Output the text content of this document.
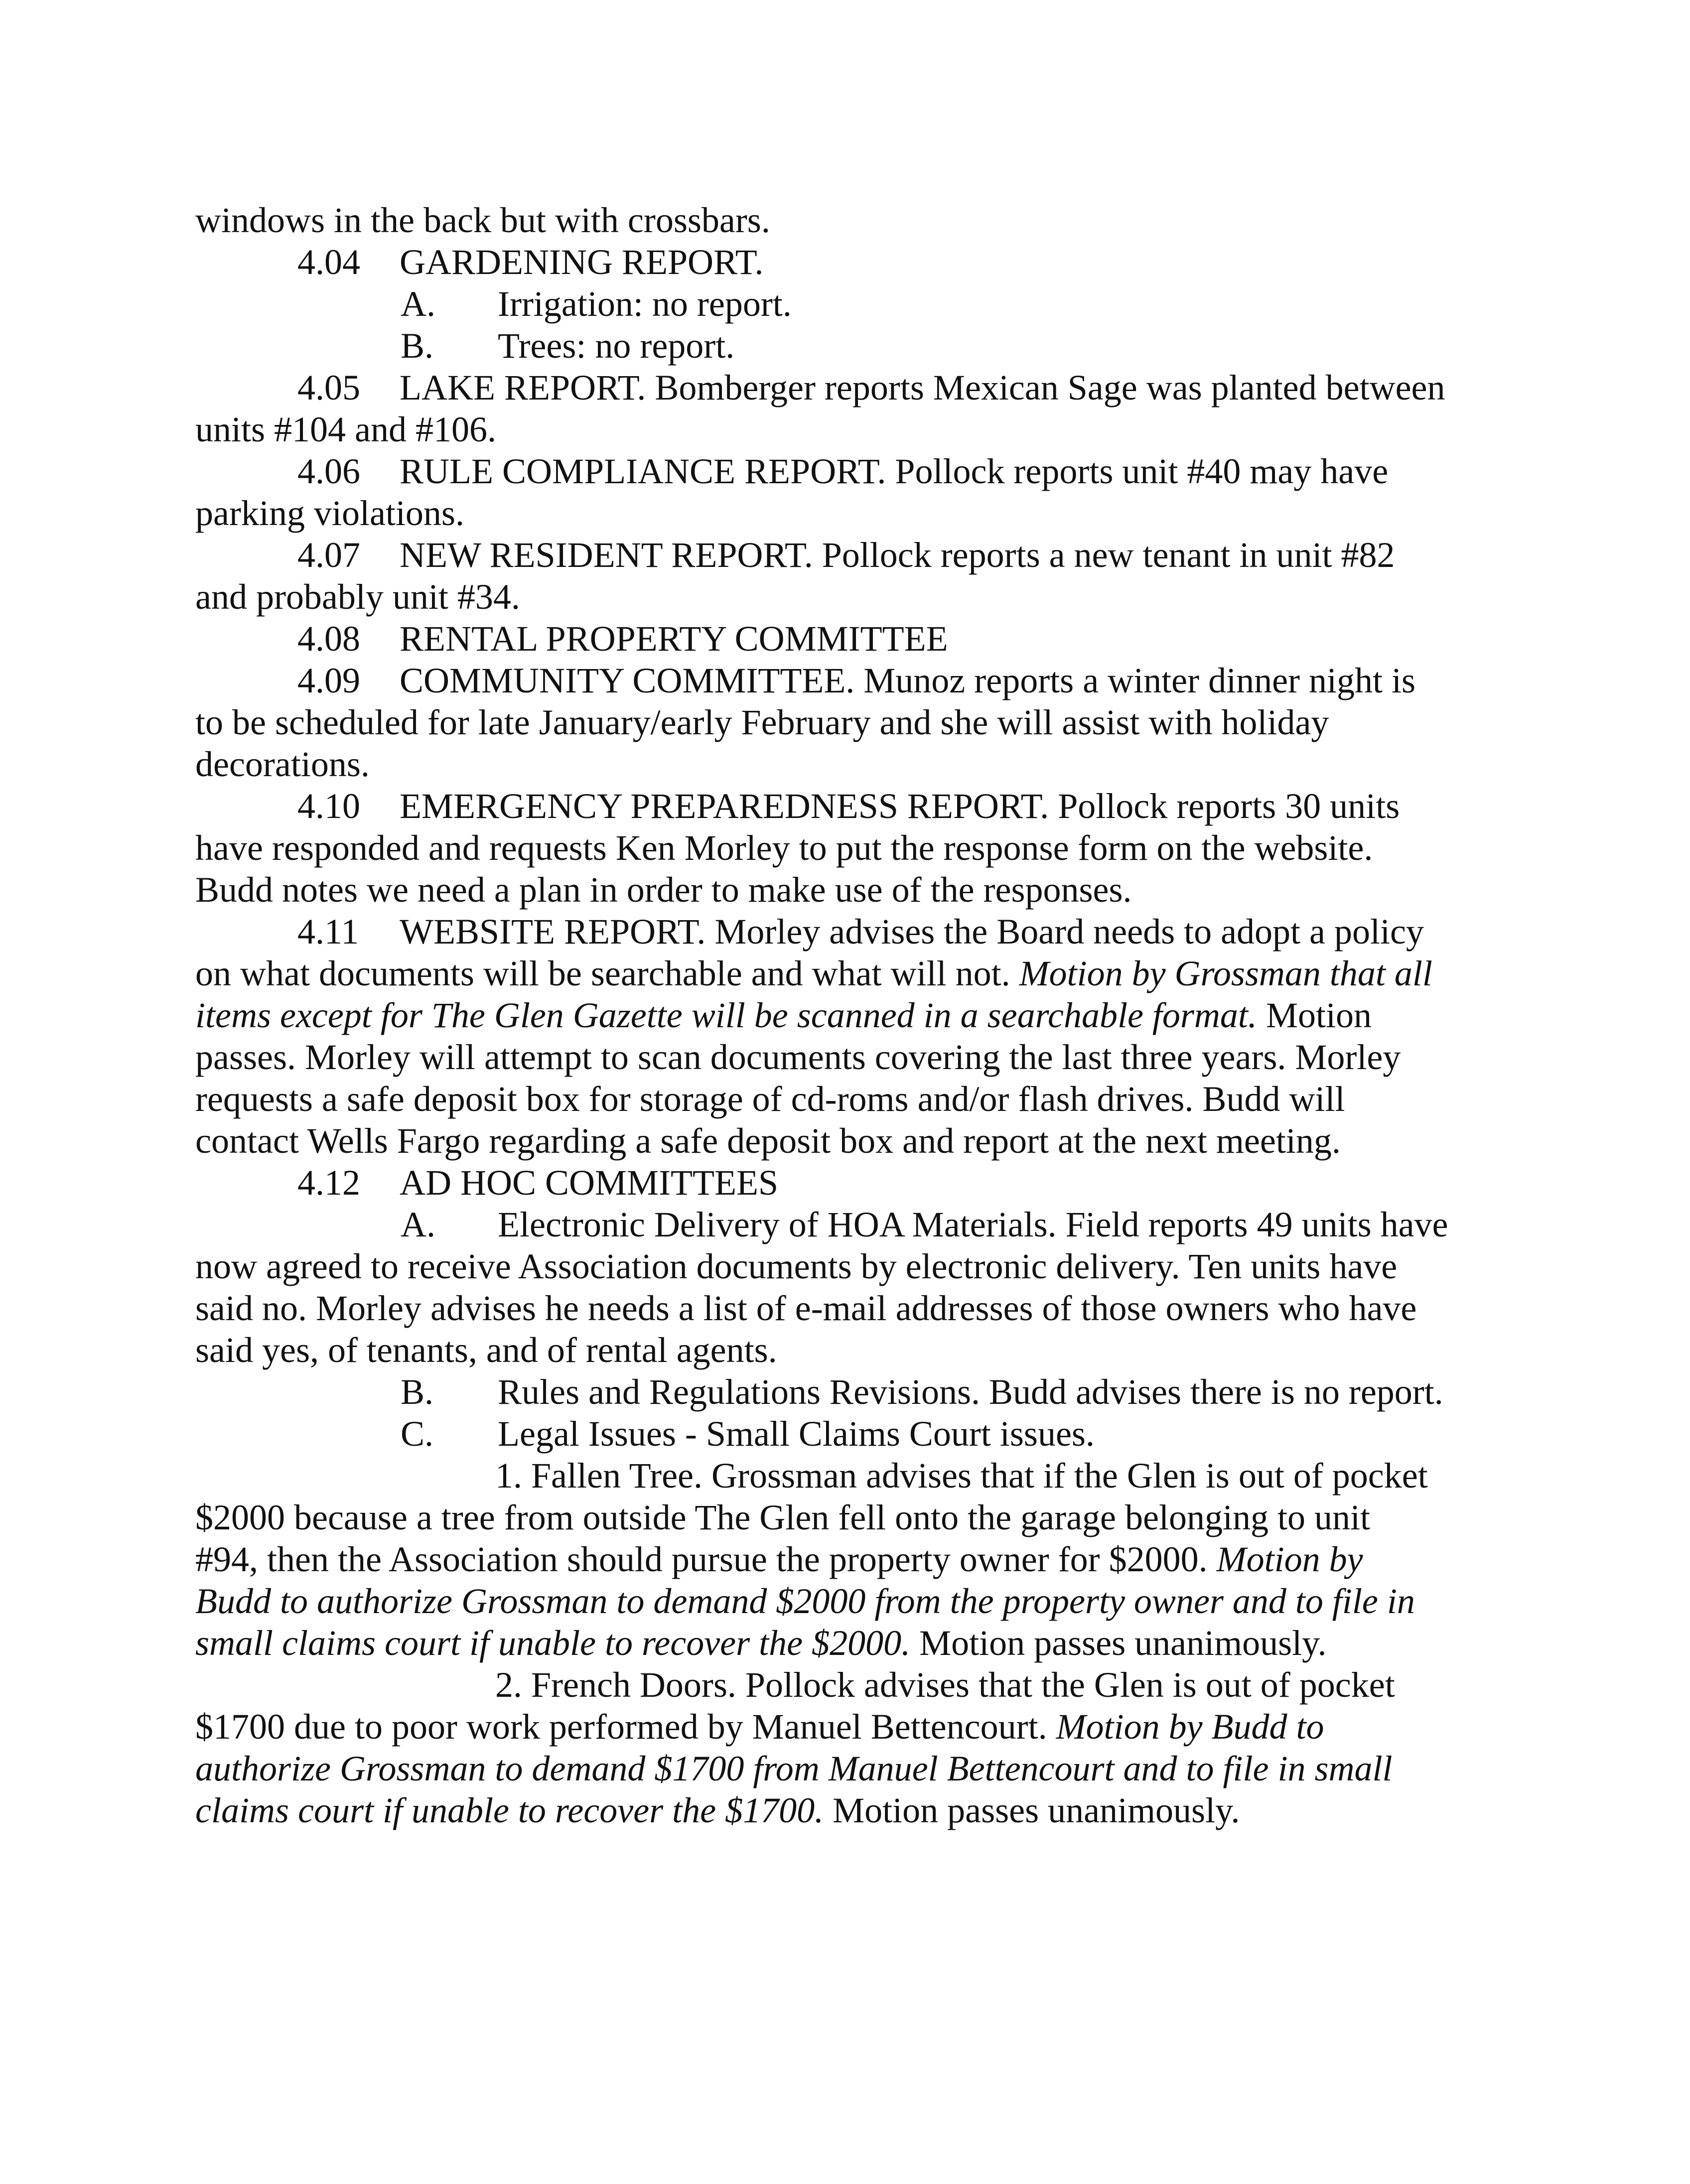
windows in the back but with crossbars.
4.04 GARDENING REPORT.
A. Irrigation: no report.
B. Trees: no report.
4.05 LAKE REPORT. Bomberger reports Mexican Sage was planted between
units #104 and #106.
4.06 RULE COMPLIANCE REPORT. Pollock reports unit #40 may have
parking violations.
4.07 NEW RESIDENT REPORT. Pollock reports a new tenant in unit #82
and probably unit #34.
4.08 RENTAL PROPERTY COMMITTEE
4.09 COMMUNITY COMMITTEE. Munoz reports a winter dinner night is
to be scheduled for late January/early February and she will assist with holiday
decorations.
4.10 EMERGENCY PREPAREDNESS REPORT. Pollock reports 30 units
have responded and requests Ken Morley to put the response form on the website.
Budd notes we need a plan in order to make use of the responses.
4.11 WEBSITE REPORT. Morley advises the Board needs to adopt a policy
on what documents will be searchable and what will not. Motion by Grossman that all
items except for The Glen Gazette will be scanned in a searchable format. Motion
passes. Morley will attempt to scan documents covering the last three years. Morley
requests a safe deposit box for storage of cd-roms and/or flash drives. Budd will
contact Wells Fargo regarding a safe deposit box and report at the next meeting.
4.12 AD HOC COMMITTEES
A. Electronic Delivery of HOA Materials. Field reports 49 units have
now agreed to receive Association documents by electronic delivery. Ten units have
said no. Morley advises he needs a list of e-mail addresses of those owners who have
said yes, of tenants, and of rental agents.
B. Rules and Regulations Revisions. Budd advises there is no report.
C. Legal Issues - Small Claims Court issues.
1. Fallen Tree. Grossman advises that if the Glen is out of pocket
$2000 because a tree from outside The Glen fell onto the garage belonging to unit
#94, then the Association should pursue the property owner for $2000. Motion by
Budd to authorize Grossman to demand $2000 from the property owner and to file in
small claims court if unable to recover the $2000. Motion passes unanimously.
2. French Doors. Pollock advises that the Glen is out of pocket
$1700 due to poor work performed by Manuel Bettencourt. Motion by Budd to
authorize Grossman to demand $1700 from Manuel Bettencourt and to file in small
claims court if unable to recover the $1700. Motion passes unanimously.
